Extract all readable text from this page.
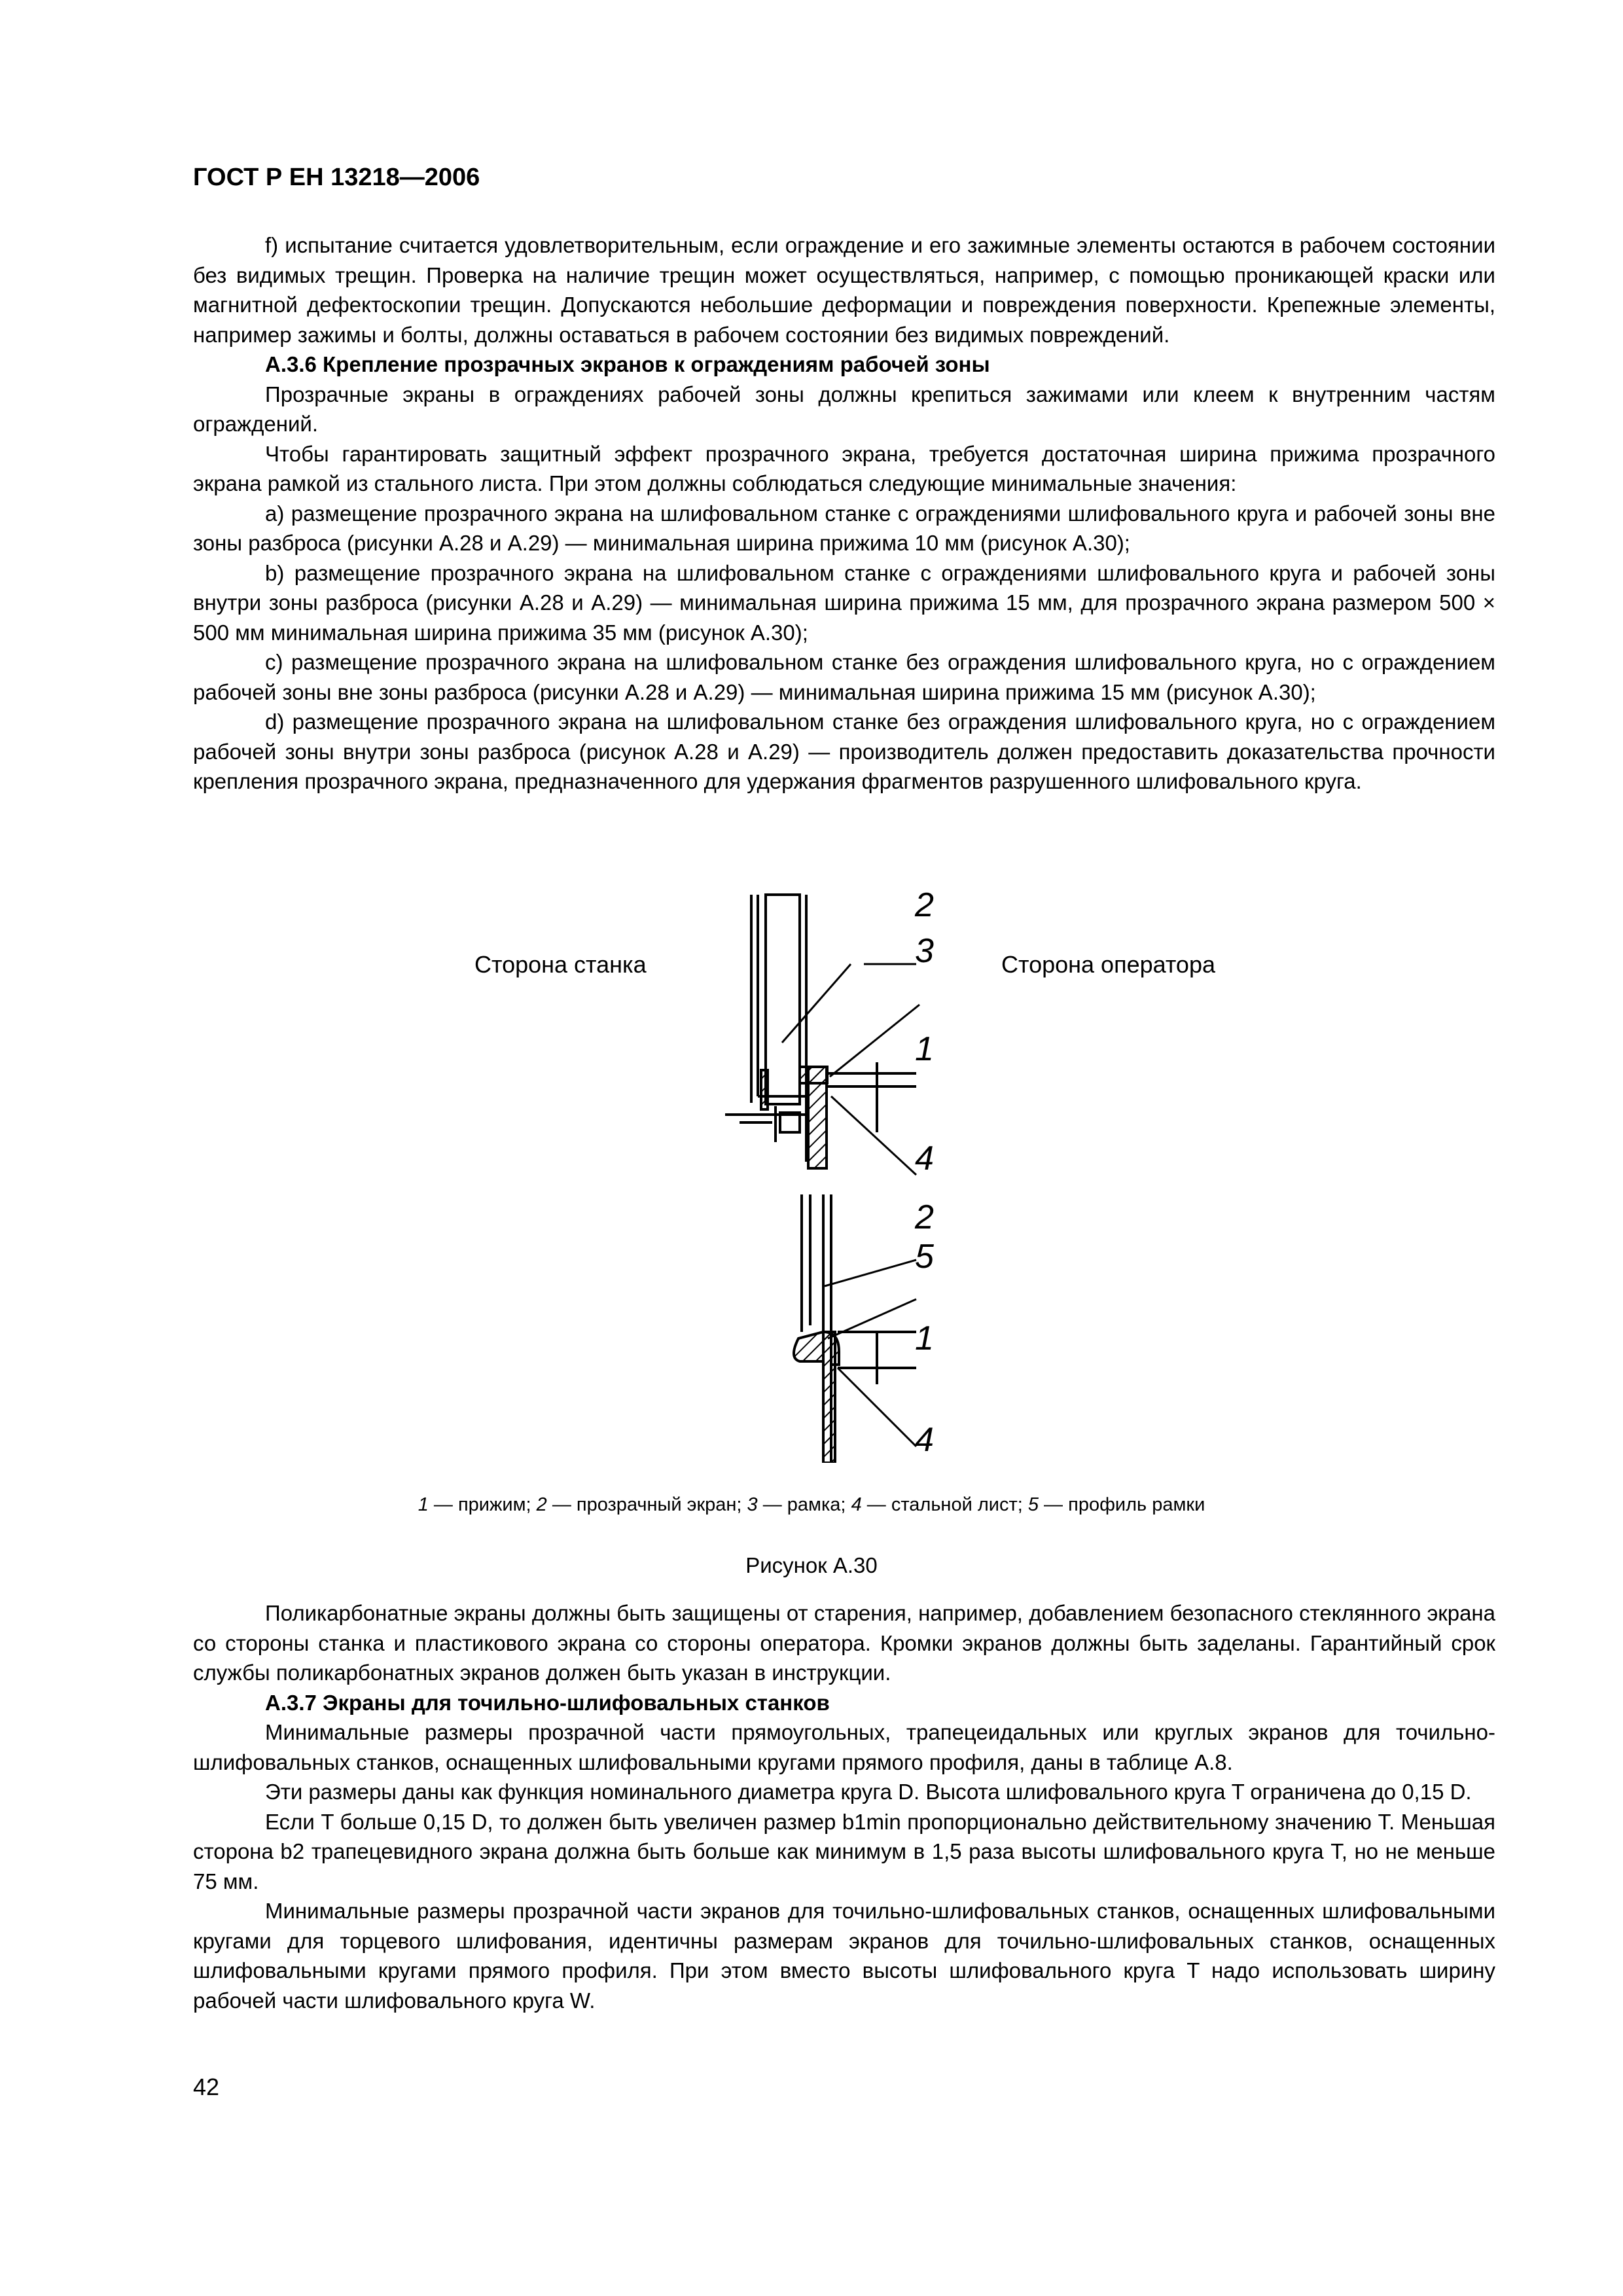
ГОСТ Р ЕН 13218—2006

f) испытание считается удовлетворительным, если ограждение и его зажимные элементы остаются в рабочем состоянии без видимых трещин. Проверка на наличие трещин может осуществляться, например, с помощью проникающей краски или магнитной дефектоскопии трещин. Допускаются небольшие деформации и повреждения поверхности. Крепежные элементы, например зажимы и болты, должны оставаться в рабочем состоянии без видимых повреждений.

А.3.6 Крепление прозрачных экранов к ограждениям рабочей зоны

Прозрачные экраны в ограждениях рабочей зоны должны крепиться зажимами или клеем к внутренним частям ограждений.

Чтобы гарантировать защитный эффект прозрачного экрана, требуется достаточная ширина прижима прозрачного экрана рамкой из стального листа. При этом должны соблюдаться следующие минимальные значения:

a) размещение прозрачного экрана на шлифовальном станке с ограждениями шлифовального круга и рабочей зоны вне зоны разброса (рисунки А.28 и А.29) — минимальная ширина прижима 10 мм (рисунок А.30);

b) размещение прозрачного экрана на шлифовальном станке с ограждениями шлифовального круга и рабочей зоны внутри зоны разброса (рисунки А.28 и А.29) — минимальная ширина прижима 15 мм, для прозрачного экрана размером 500 × 500 мм минимальная ширина прижима 35 мм (рисунок А.30);

c) размещение прозрачного экрана на шлифовальном станке без ограждения шлифовального круга, но с ограждением рабочей зоны вне зоны разброса (рисунки А.28 и А.29) — минимальная ширина прижима 15 мм (рисунок А.30);

d) размещение прозрачного экрана на шлифовальном станке без ограждения шлифовального круга, но с ограждением рабочей зоны внутри зоны разброса (рисунок А.28 и А.29) — производитель должен предоставить доказательства прочности крепления прозрачного экрана, предназначенного для удержания фрагментов разрушенного шлифовального круга.

Сторона станка	Сторона оператора
2
3
1
4
2
5
1
4
1 — прижим; 2 — прозрачный экран; 3 — рамка; 4 — стальной лист; 5 — профиль рамки
Рисунок А.30

Поликарбонатные экраны должны быть защищены от старения, например, добавлением безопасного стеклянного экрана со стороны станка и пластикового экрана со стороны оператора. Кромки экранов должны быть заделаны. Гарантийный срок службы поликарбонатных экранов должен быть указан в инструкции.

А.3.7 Экраны для точильно-шлифовальных станков

Минимальные размеры прозрачной части прямоугольных, трапецеидальных или круглых экранов для точильно-шлифовальных станков, оснащенных шлифовальными кругами прямого профиля, даны в таблице А.8.

Эти размеры даны как функция номинального диаметра круга D. Высота шлифовального круга T ограничена до 0,15 D.

Если T больше 0,15 D, то должен быть увеличен размер b1min пропорционально действительному значению T. Меньшая сторона b2 трапецевидного экрана должна быть больше как минимум в 1,5 раза высоты шлифовального круга T, но не меньше 75 мм.

Минимальные размеры прозрачной части экранов для точильно-шлифовальных станков, оснащенных шлифовальными кругами для торцевого шлифования, идентичны размерам экранов для точильно-шлифовальных станков, оснащенных шлифовальными кругами прямого профиля. При этом вместо высоты шлифовального круга T надо использовать ширину рабочей части шлифовального круга W.

42
